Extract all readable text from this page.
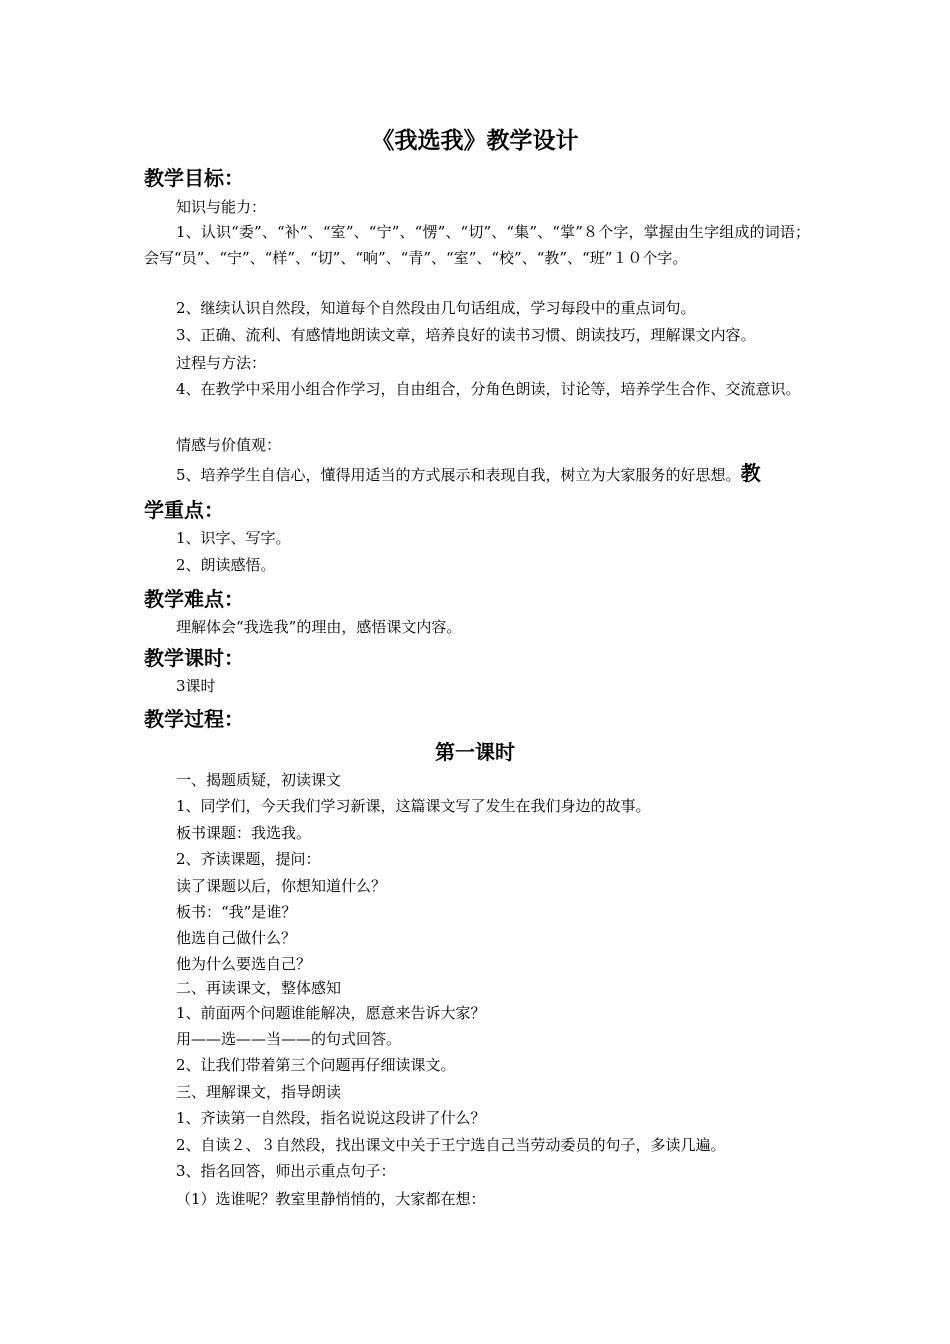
《我选我》教学设计
教学目标：
知识与能力：
1、认识“委”、“补”、“室”、“宁”、“愣”、“切”、“集”、“掌”８个字，掌握由生字组成的词语；会写“员”、“宁”、“样”、“切”、“响”、“青”、“室”、“校”、“教”、“班”１０个字。
2、继续认识自然段，知道每个自然段由几句话组成，学习每段中的重点词句。
3、正确、流利、有感情地朗读文章，培养良好的读书习惯、朗读技巧，理解课文内容。
过程与方法：
4、在教学中采用小组合作学习，自由组合，分角色朗读，讨论等，培养学生合作、交流意识。
情感与价值观：
5、培养学生自信心，懂得用适当的方式展示和表现自我，树立为大家服务的好思想。教
学重点：
1、识字、写字。
2、朗读感悟。
教学难点：
理解体会“我选我”的理由，感悟课文内容。
教学课时：
3课时
教学过程：
第一课时
一、揭题质疑，初读课文
1、同学们，今天我们学习新课，这篇课文写了发生在我们身边的故事。
板书课题：我选我。
2、齐读课题，提问：
读了课题以后，你想知道什么？
板书：“我”是谁？
他选自己做什么？
他为什么要选自己？
二、再读课文，整体感知
1、前面两个问题谁能解决，愿意来告诉大家？
用——选——当——的句式回答。
2、让我们带着第三个问题再仔细读课文。
三、理解课文，指导朗读
1、齐读第一自然段，指名说说这段讲了什么？
2、自读２、３自然段，找出课文中关于王宁选自己当劳动委员的句子，多读几遍。
3、指名回答，师出示重点句子：
（1）选谁呢？教室里静悄悄的，大家都在想：
